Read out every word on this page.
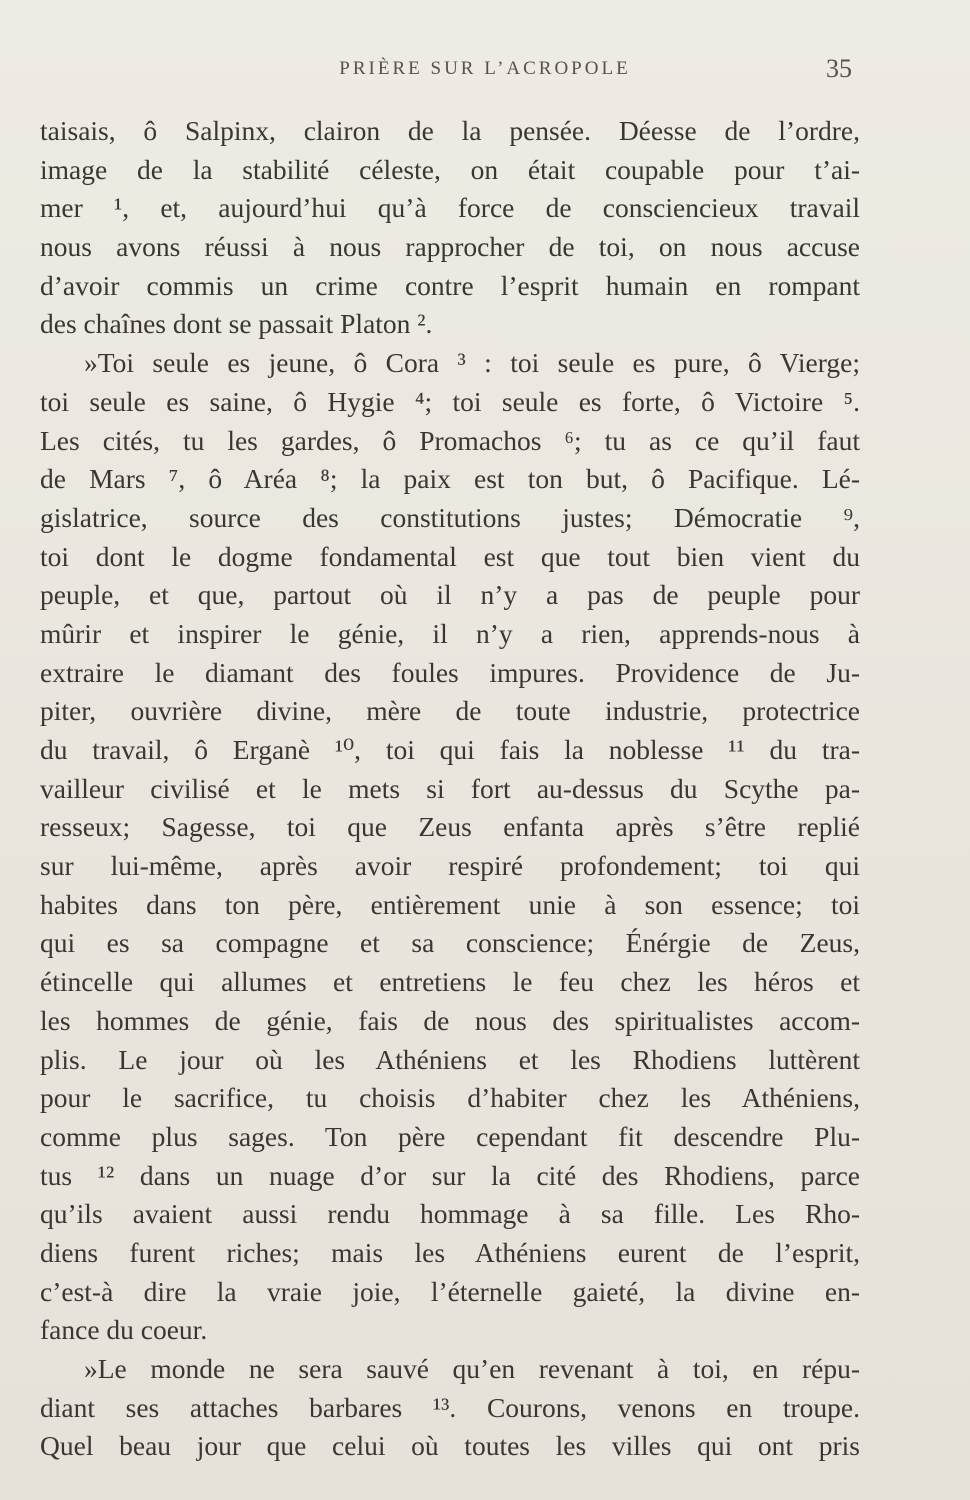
PRIÈRE SUR L’ACROPOLE	35
taisais, ô Salpinx, clairon de la pensée. Déesse de l’ordre,
image de la stabilité céleste, on était coupable pour t’ai-
mer ¹, et, aujourd’hui qu’à force de consciencieux travail
nous avons réussi à nous rapprocher de toi, on nous accuse
d’avoir commis un crime contre l’esprit humain en rompant
des chaînes dont se passait Platon ².
»Toi seule es jeune, ô Cora ³ : toi seule es pure, ô Vierge;
toi seule es saine, ô Hygie ⁴; toi seule es forte, ô Victoire ⁵.
Les cités, tu les gardes, ô Promachos ⁶; tu as ce qu’il faut
de Mars ⁷, ô Aréa ⁸; la paix est ton but, ô Pacifique. Lé-
gislatrice, source des constitutions justes; Démocratie ⁹,
toi dont le dogme fondamental est que tout bien vient du
peuple, et que, partout où il n’y a pas de peuple pour
mûrir et inspirer le génie, il n’y a rien, apprends-nous à
extraire le diamant des foules impures. Providence de Ju-
piter, ouvrière divine, mère de toute industrie, protectrice
du travail, ô Erganè ¹⁰, toi qui fais la noblesse ¹¹ du tra-
vailleur civilisé et le mets si fort au-dessus du Scythe pa-
resseux; Sagesse, toi que Zeus enfanta après s’être replié
sur lui-même, après avoir respiré profondement; toi qui
habites dans ton père, entièrement unie à son essence; toi
qui es sa compagne et sa conscience; Énérgie de Zeus,
étincelle qui allumes et entretiens le feu chez les héros et
les hommes de génie, fais de nous des spiritualistes accom-
plis. Le jour où les Athéniens et les Rhodiens luttèrent
pour le sacrifice, tu choisis d’habiter chez les Athéniens,
comme plus sages. Ton père cependant fit descendre Plu-
tus ¹² dans un nuage d’or sur la cité des Rhodiens, parce
qu’ils avaient aussi rendu hommage à sa fille. Les Rho-
diens furent riches; mais les Athéniens eurent de l’esprit,
c’est-à dire la vraie joie, l’éternelle gaieté, la divine en-
fance du coeur.
»Le monde ne sera sauvé qu’en revenant à toi, en répu-
diant ses attaches barbares ¹³. Courons, venons en troupe.
Quel beau jour que celui où toutes les villes qui ont pris
